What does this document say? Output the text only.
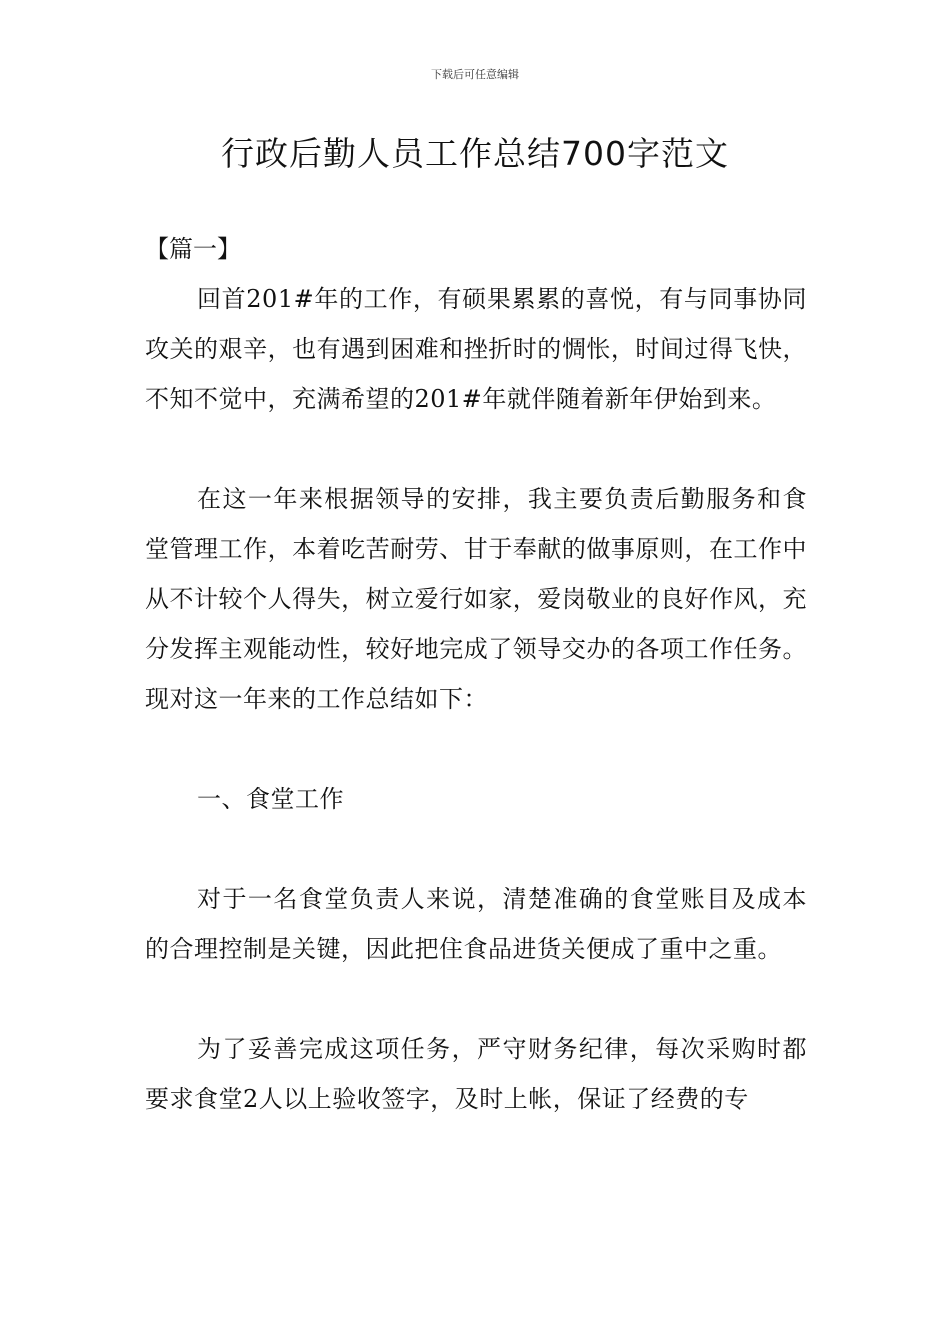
下载后可任意编辑
行政后勤人员工作总结700字范文

【篇一】

回首201#年的工作，有硕果累累的喜悦，有与同事协同攻关的艰辛，也有遇到困难和挫折时的惆怅，时间过得飞快，不知不觉中，充满希望的201#年就伴随着新年伊始到来。

在这一年来根据领导的安排，我主要负责后勤服务和食堂管理工作，本着吃苦耐劳、甘于奉献的做事原则，在工作中从不计较个人得失，树立爱行如家，爱岗敬业的良好作风，充分发挥主观能动性，较好地完成了领导交办的各项工作任务。现对这一年来的工作总结如下：

一、食堂工作

对于一名食堂负责人来说，清楚准确的食堂账目及成本的合理控制是关键，因此把住食品进货关便成了重中之重。

为了妥善完成这项任务，严守财务纪律，每次采购时都要求食堂2人以上验收签字，及时上帐，保证了经费的专
